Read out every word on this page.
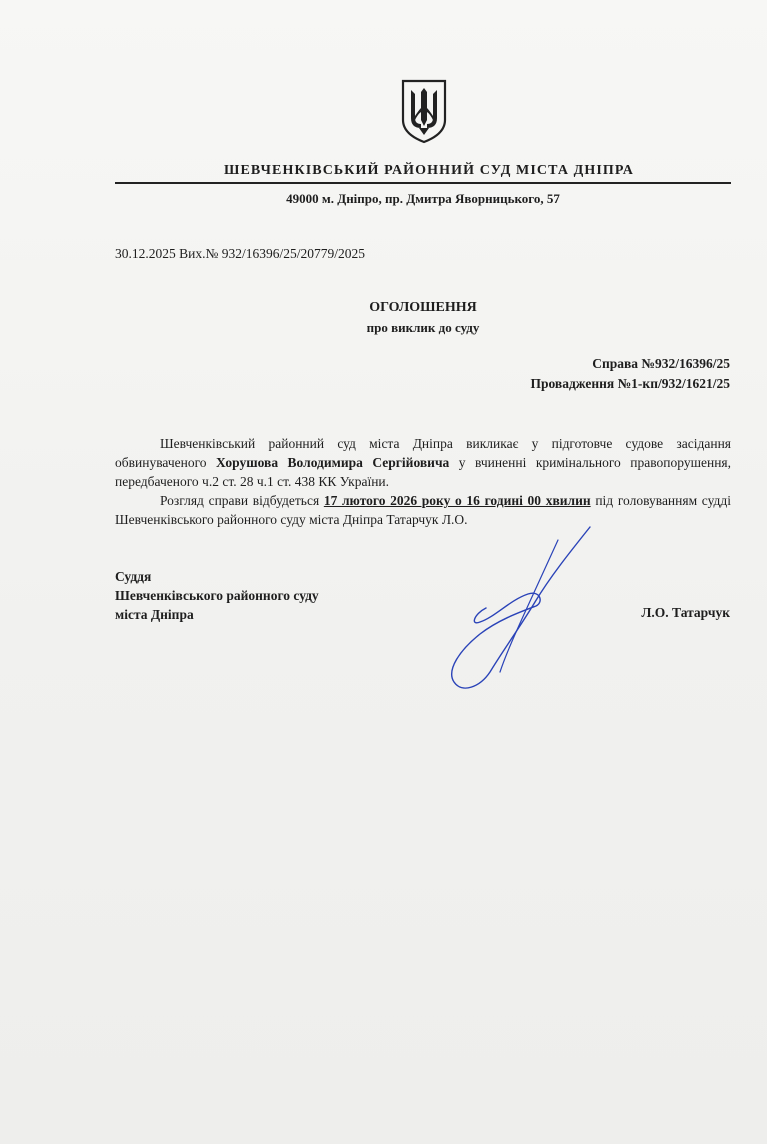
ШЕВЧЕНКІВСЬКИЙ РАЙОННИЙ СУД МІСТА ДНІПРА
49000 м. Дніпро, пр. Дмитра Яворницького, 57
30.12.2025 Вих.№ 932/16396/25/20779/2025
ОГОЛОШЕННЯ
про виклик до суду
Справа №932/16396/25
Провадження №1-кп/932/1621/25

Шевченківський районний суд міста Дніпра викликає у підготовче судове засідання обвинуваченого Хорушова Володимира Сергійовича у вчиненні кримінального правопорушення, передбаченого ч.2 ст. 28 ч.1 ст. 438 КК України.

Розгляд справи відбудеться 17 лютого 2026 року о 16 годині 00 хвилин під головуванням судді Шевченківського районного суду міста Дніпра Татарчук Л.О.

Суддя
Шевченківського районного суду
міста Дніпра	Л.О. Татарчук
